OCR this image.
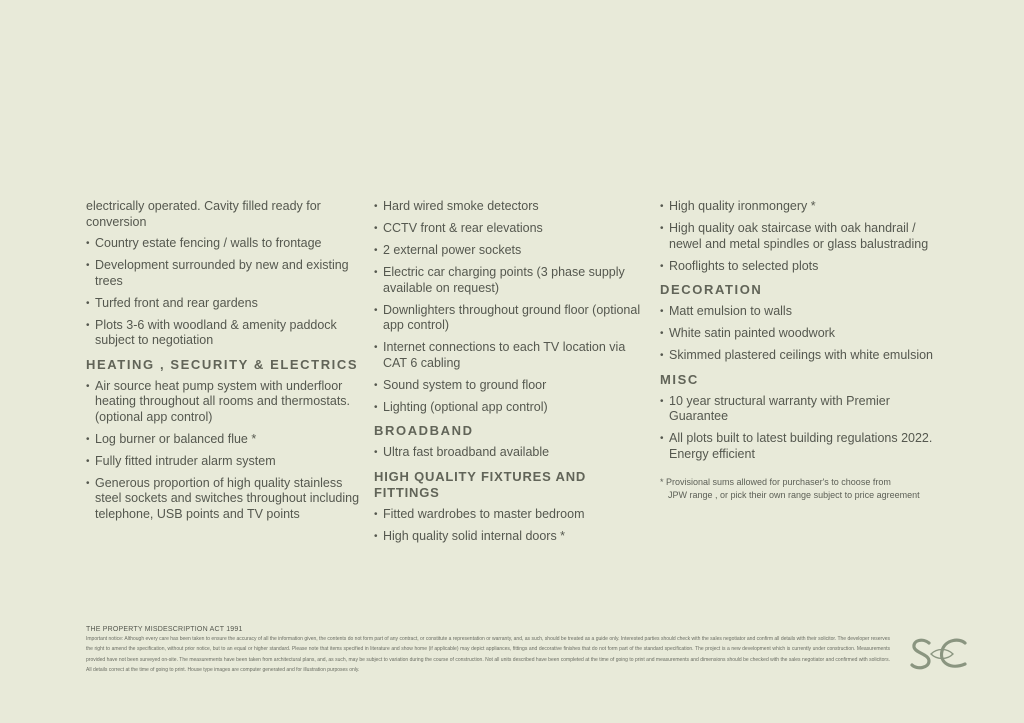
electrically operated. Cavity filled ready for conversion
• Country estate fencing / walls to frontage
• Development surrounded by new and existing trees
• Turfed front and rear gardens
• Plots 3-6 with woodland & amenity paddock subject to negotiation
HEATING , SECURITY & ELECTRICS
• Air source heat pump system with underfloor heating throughout all rooms and thermostats. (optional app control)
• Log burner or balanced flue *
• Fully fitted intruder alarm system
• Generous proportion of high quality stainless steel sockets and switches throughout including telephone, USB points and TV points
• Hard wired smoke detectors
• CCTV front & rear elevations
• 2 external power sockets
• Electric car charging points (3 phase supply available on request)
• Downlighters throughout ground floor (optional app control)
• Internet connections to each TV location via CAT 6 cabling
• Sound system to ground floor
• Lighting (optional app control)
BROADBAND
• Ultra fast broadband available
HIGH QUALITY FIXTURES AND FITTINGS
• Fitted wardrobes to master bedroom
• High quality solid internal doors *
• High quality ironmongery *
• High quality oak staircase with oak handrail / newel and metal spindles or glass balustrading
• Rooflights to selected plots
DECORATION
• Matt emulsion to walls
• White satin painted woodwork
• Skimmed plastered ceilings with white emulsion
MISC
• 10 year structural warranty with Premier Guarantee
• All plots built to latest building regulations 2022. Energy efficient
* Provisional sums allowed for purchaser's to choose from
JPW range , or pick their own range subject to price agreement
THE PROPERTY MISDESCRIPTION ACT 1991
Important notice: Although every care has been taken to ensure the accuracy of all the information given, the contents do not form part of any contract, or constitute a representation or warranty, and, as such, should be treated as a guide only. Interested parties should check with the sales negotiator and confirm all details with their solicitor. The developer reserves the right to amend the specification, without prior notice, but to an equal or higher standard. Please note that items specified in literature and show home (if applicable) may depict appliances, fittings and decorative finishes that do not form part of the standard specification. The project is a new development which is currently under construction. Measurements provided have not been surveyed on-site. The measurements have been taken from architectural plans, and, as such, may be subject to variation during the course of construction. Not all units described have been completed at the time of going to print and measurements and dimensions should be checked with the sales negotiator and confirmed with solicitors. All details correct at the time of going to print. House type images are computer generated and for illustration purposes only.
